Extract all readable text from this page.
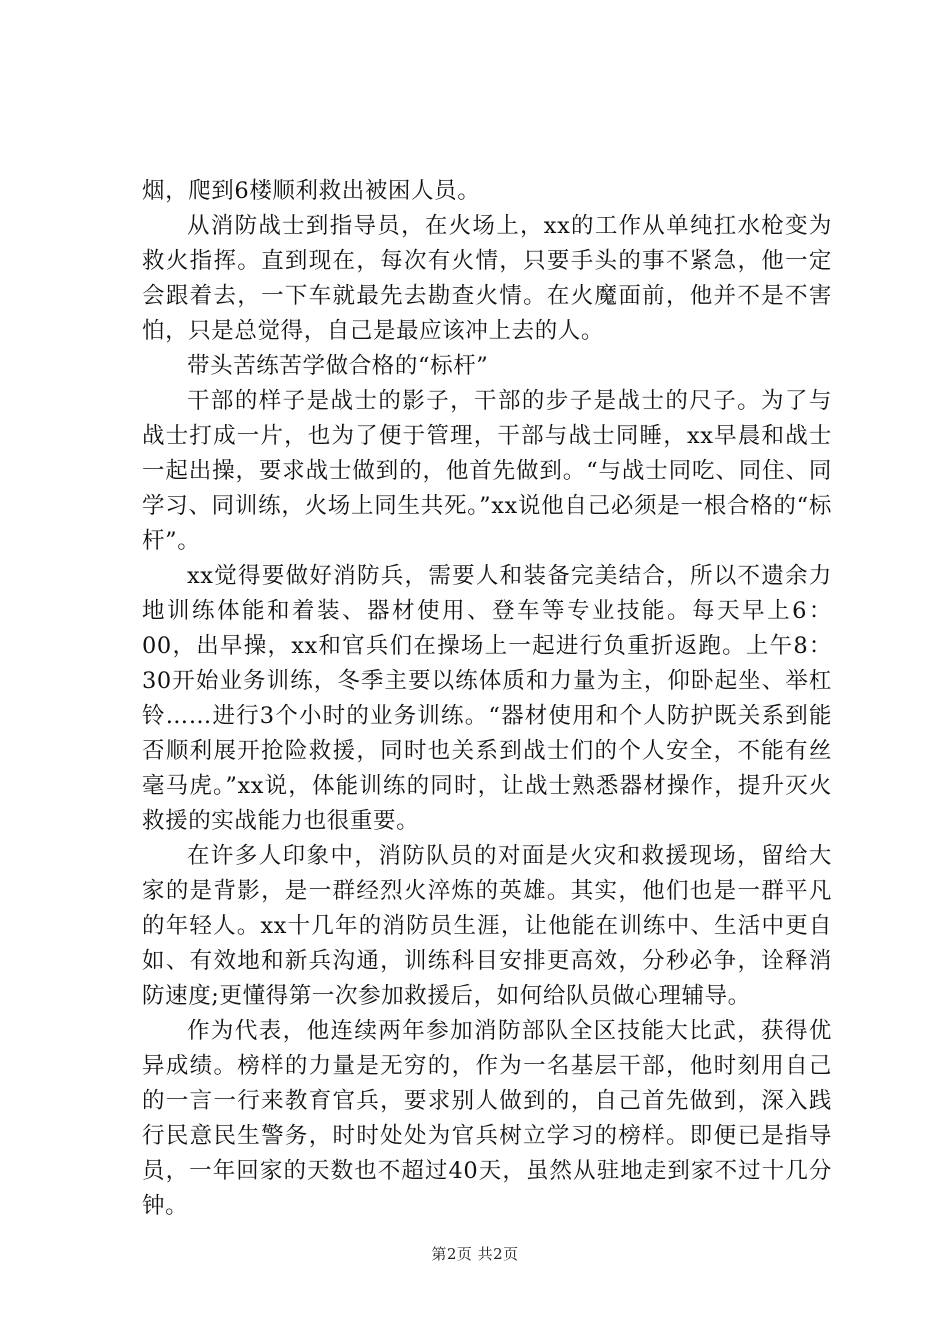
烟，爬到6楼顺利救出被困人员。

从消防战士到指导员，在火场上，xx的工作从单纯扛水枪变为救火指挥。直到现在，每次有火情，只要手头的事不紧急，他一定会跟着去，一下车就最先去勘查火情。在火魔面前，他并不是不害怕，只是总觉得，自己是最应该冲上去的人。

带头苦练苦学做合格的“标杆”

干部的样子是战士的影子，干部的步子是战士的尺子。为了与战士打成一片，也为了便于管理，干部与战士同睡，xx早晨和战士一起出操，要求战士做到的，他首先做到。“与战士同吃、同住、同学习、同训练，火场上同生共死。”xx说他自己必须是一根合格的“标杆”。

xx觉得要做好消防兵，需要人和装备完美结合，所以不遗余力地训练体能和着装、器材使用、登车等专业技能。每天早上6：00，出早操，xx和官兵们在操场上一起进行负重折返跑。上午8：30开始业务训练，冬季主要以练体质和力量为主，仰卧起坐、举杠铃……进行3个小时的业务训练。“器材使用和个人防护既关系到能否顺利展开抢险救援，同时也关系到战士们的个人安全，不能有丝毫马虎。”xx说，体能训练的同时，让战士熟悉器材操作，提升灭火救援的实战能力也很重要。

在许多人印象中，消防队员的对面是火灾和救援现场，留给大家的是背影，是一群经烈火淬炼的英雄。其实，他们也是一群平凡的年轻人。xx十几年的消防员生涯，让他能在训练中、生活中更自如、有效地和新兵沟通，训练科目安排更高效，分秒必争，诠释消防速度;更懂得第一次参加救援后，如何给队员做心理辅导。

作为代表，他连续两年参加消防部队全区技能大比武，获得优异成绩。榜样的力量是无穷的，作为一名基层干部，他时刻用自己的一言一行来教育官兵，要求别人做到的，自己首先做到，深入践行民意民生警务，时时处处为官兵树立学习的榜样。即便已是指导员，一年回家的天数也不超过40天，虽然从驻地走到家不过十几分钟。

第2页 共2页
